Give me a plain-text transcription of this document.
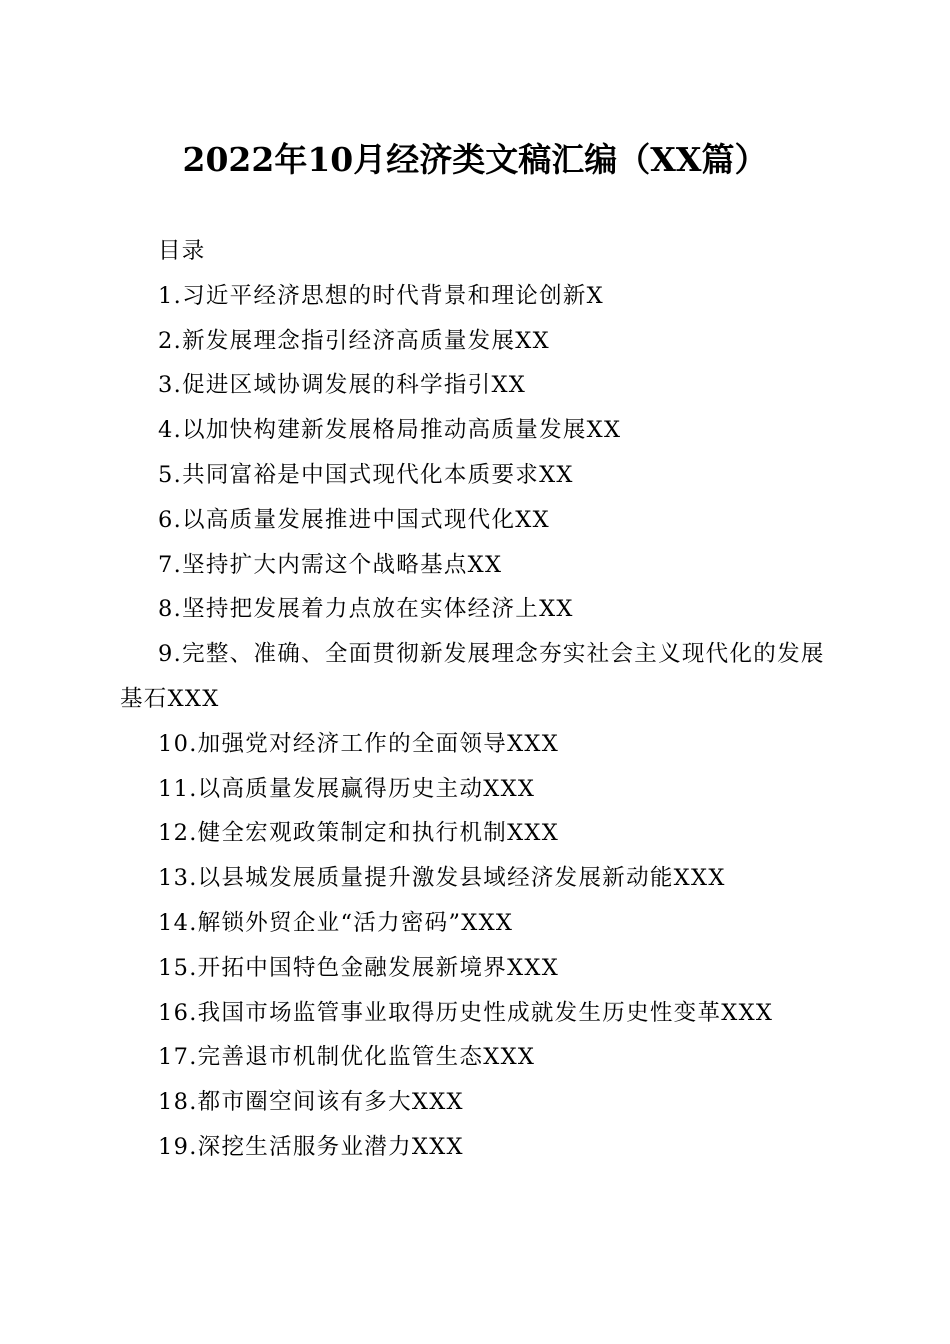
2022年10月经济类文稿汇编（XX篇）

目录

1.习近平经济思想的时代背景和理论创新X

2.新发展理念指引经济高质量发展XX

3.促进区域协调发展的科学指引XX

4.以加快构建新发展格局推动高质量发展XX

5.共同富裕是中国式现代化本质要求XX

6.以高质量发展推进中国式现代化XX

7.坚持扩大内需这个战略基点XX

8.坚持把发展着力点放在实体经济上XX

9.完整、准确、全面贯彻新发展理念夯实社会主义现代化的发展基石XXX

10.加强党对经济工作的全面领导XXX

11.以高质量发展赢得历史主动XXX

12.健全宏观政策制定和执行机制XXX

13.以县城发展质量提升激发县域经济发展新动能XXX

14.解锁外贸企业“活力密码”XXX

15.开拓中国特色金融发展新境界XXX

16.我国市场监管事业取得历史性成就发生历史性变革XXX

17.完善退市机制优化监管生态XXX

18.都市圈空间该有多大XXX

19.深挖生活服务业潜力XXX
